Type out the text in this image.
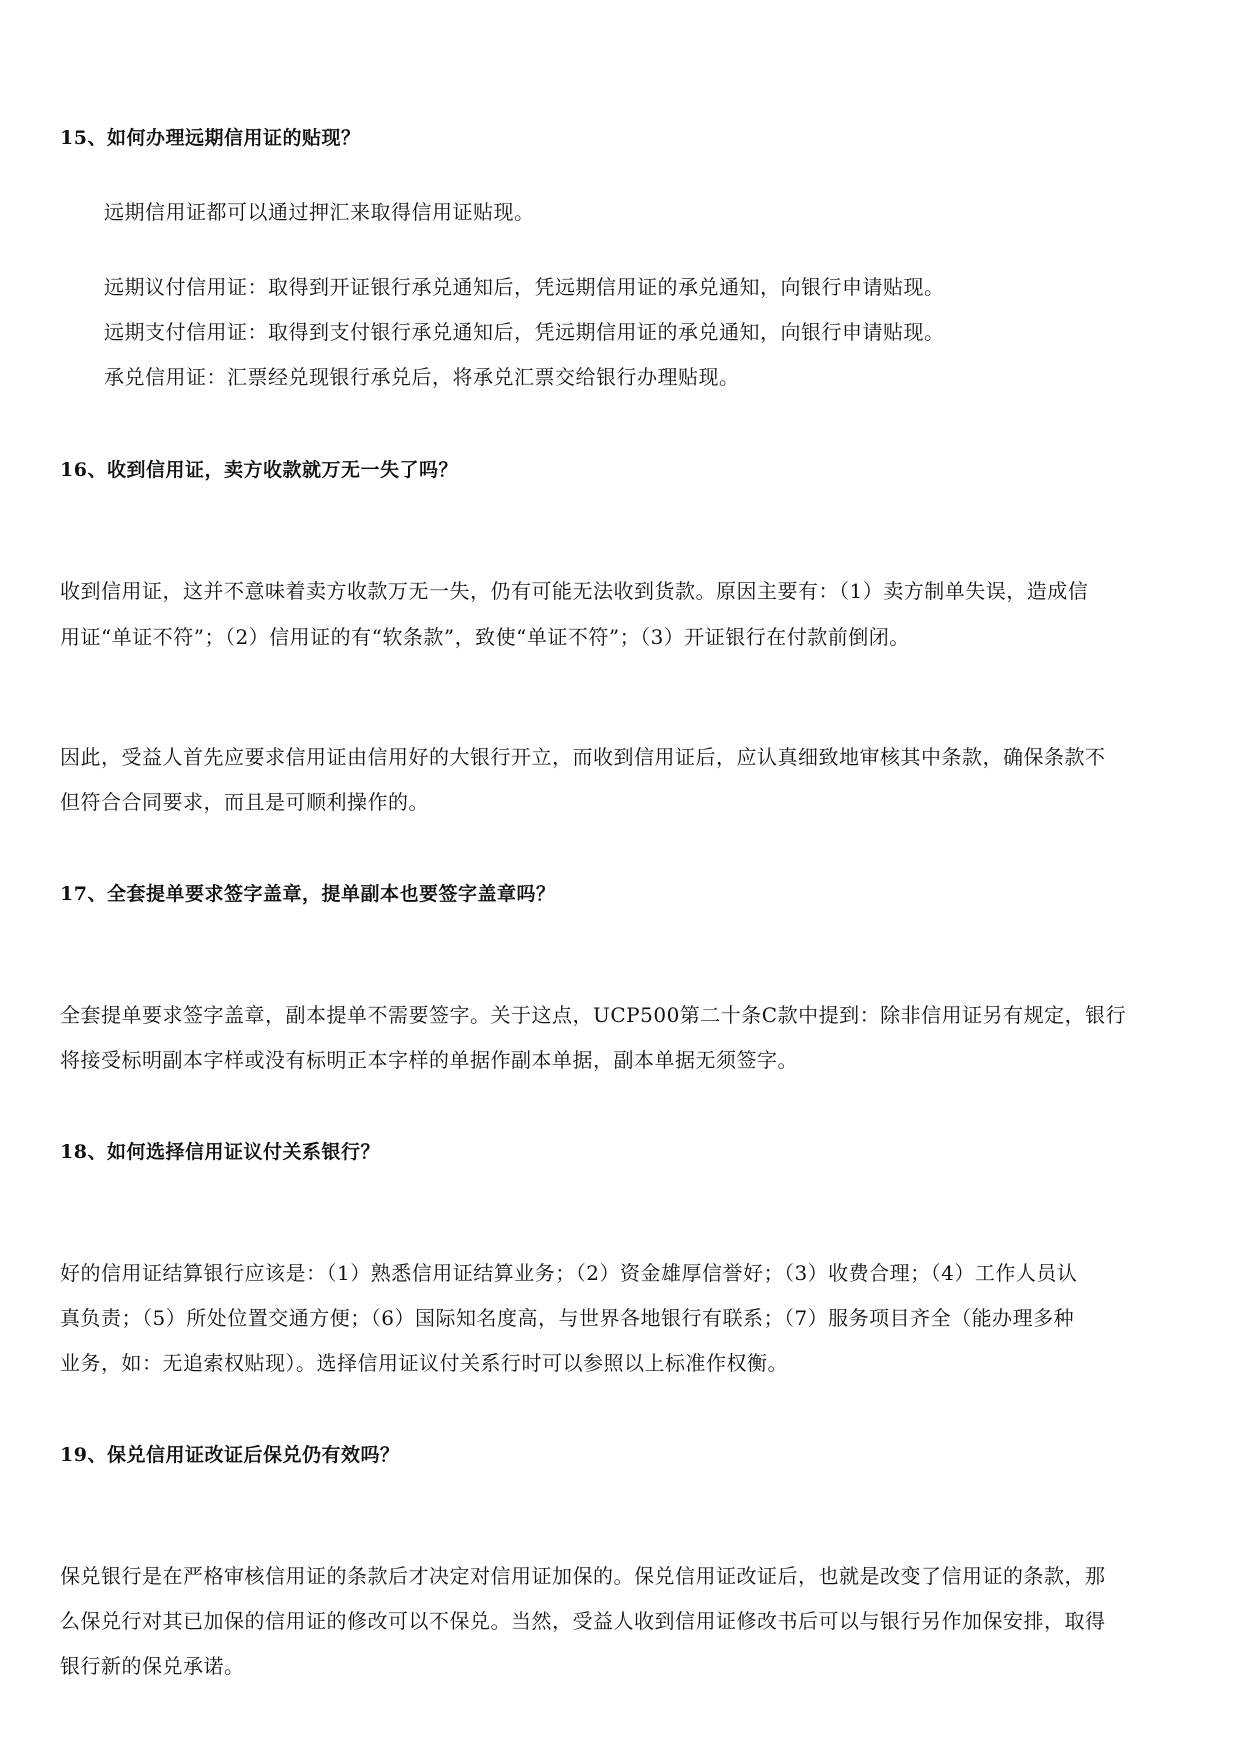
15、如何办理远期信用证的贴现？
远期信用证都可以通过押汇来取得信用证贴现。
远期议付信用证：取得到开证银行承兑通知后，凭远期信用证的承兑通知，向银行申请贴现。
远期支付信用证：取得到支付银行承兑通知后，凭远期信用证的承兑通知，向银行申请贴现。
承兑信用证：汇票经兑现银行承兑后，将承兑汇票交给银行办理贴现。
16、收到信用证，卖方收款就万无一失了吗？
收到信用证，这并不意味着卖方收款万无一失，仍有可能无法收到货款。原因主要有：（1）卖方制单失误，造成信
用证“单证不符”；（2）信用证的有“软条款”，致使“单证不符”；（3）开证银行在付款前倒闭。
因此，受益人首先应要求信用证由信用好的大银行开立，而收到信用证后，应认真细致地审核其中条款，确保条款不
但符合合同要求，而且是可顺利操作的。
17、全套提单要求签字盖章，提单副本也要签字盖章吗？
全套提单要求签字盖章，副本提单不需要签字。关于这点，UCP500第二十条C款中提到：除非信用证另有规定，银行
将接受标明副本字样或没有标明正本字样的单据作副本单据，副本单据无须签字。
18、如何选择信用证议付关系银行？
好的信用证结算银行应该是：（1）熟悉信用证结算业务；（2）资金雄厚信誉好；（3）收费合理；（4）工作人员认
真负责；（5）所处位置交通方便；（6）国际知名度高，与世界各地银行有联系；（7）服务项目齐全（能办理多种
业务，如：无追索权贴现）。选择信用证议付关系行时可以参照以上标准作权衡。
19、保兑信用证改证后保兑仍有效吗？
保兑银行是在严格审核信用证的条款后才决定对信用证加保的。保兑信用证改证后，也就是改变了信用证的条款，那
么保兑行对其已加保的信用证的修改可以不保兑。当然，受益人收到信用证修改书后可以与银行另作加保安排，取得
银行新的保兑承诺。
